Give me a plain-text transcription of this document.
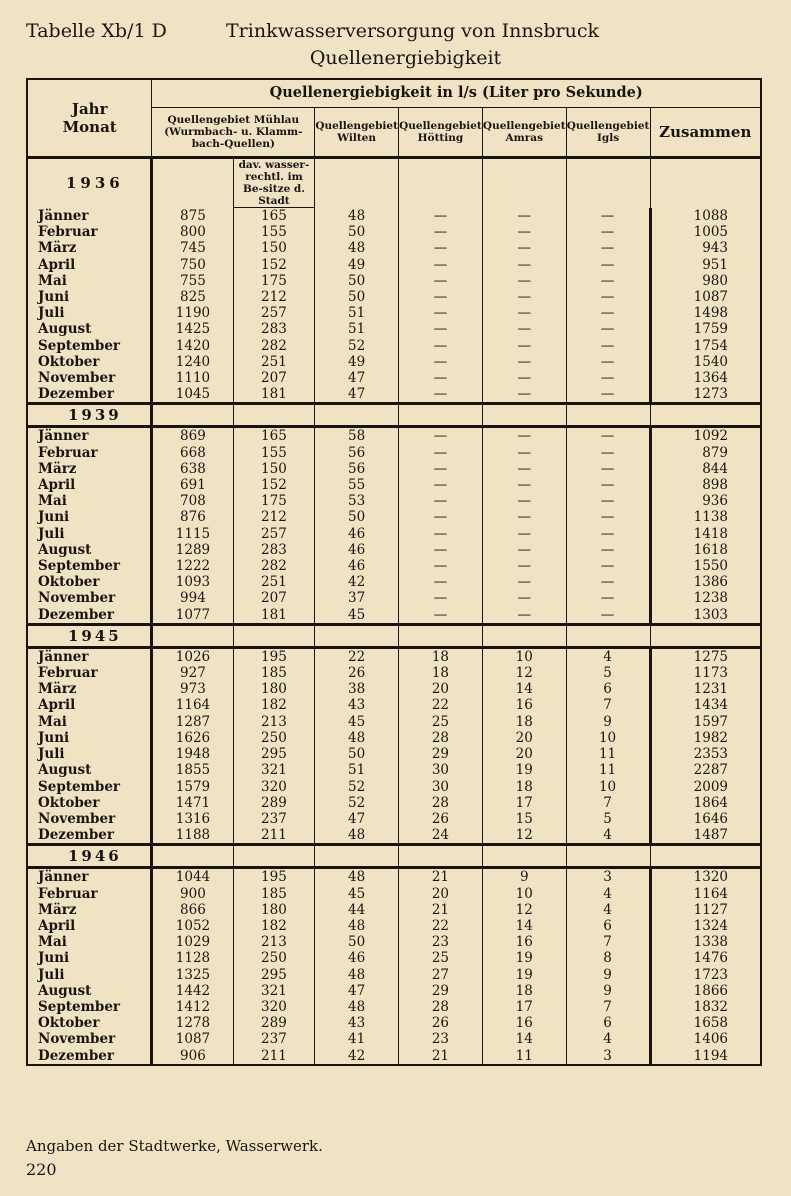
Tabelle Xb/1 D	Trinkwasserversorgung von Innsbruck
Quellenergiebigkeit
Jahr
Monat	Quellenergiebigkeit in l/s (Liter pro Sekunde)						
	Quellengebiet Mühlau (Wurmbach- u. Klamm-bach-Quellen)		Quellengebiet Wilten	Quellengebiet Hötting	Quellengebiet Amras	Quellengebiet Igls	Zusammen
1936		dav. wasser-rechtl. im Be-sitze d. Stadt					
Jänner	875	165	48	—	—	—	1088
Februar	800	155	50	—	—	—	1005
März	745	150	48	—	—	—	943
April	750	152	49	—	—	—	951
Mai	755	175	50	—	—	—	980
Juni	825	212	50	—	—	—	1087
Juli	1190	257	51	—	—	—	1498
August	1425	283	51	—	—	—	1759
September	1420	282	52	—	—	—	1754
Oktober	1240	251	49	—	—	—	1540
November	1110	207	47	—	—	—	1364
Dezember	1045	181	47	—	—	—	1273
1939							
Jänner	869	165	58	—	—	—	1092
Februar	668	155	56	—	—	—	879
März	638	150	56	—	—	—	844
April	691	152	55	—	—	—	898
Mai	708	175	53	—	—	—	936
Juni	876	212	50	—	—	—	1138
Juli	1115	257	46	—	—	—	1418
August	1289	283	46	—	—	—	1618
September	1222	282	46	—	—	—	1550
Oktober	1093	251	42	—	—	—	1386
November	994	207	37	—	—	—	1238
Dezember	1077	181	45	—	—	—	1303
1945							
Jänner	1026	195	22	18	10	4	1275
Februar	927	185	26	18	12	5	1173
März	973	180	38	20	14	6	1231
April	1164	182	43	22	16	7	1434
Mai	1287	213	45	25	18	9	1597
Juni	1626	250	48	28	20	10	1982
Juli	1948	295	50	29	20	11	2353
August	1855	321	51	30	19	11	2287
September	1579	320	52	30	18	10	2009
Oktober	1471	289	52	28	17	7	1864
November	1316	237	47	26	15	5	1646
Dezember	1188	211	48	24	12	4	1487
1946							
Jänner	1044	195	48	21	9	3	1320
Februar	900	185	45	20	10	4	1164
März	866	180	44	21	12	4	1127
April	1052	182	48	22	14	6	1324
Mai	1029	213	50	23	16	7	1338
Juni	1128	250	46	25	19	8	1476
Juli	1325	295	48	27	19	9	1723
August	1442	321	47	29	18	9	1866
September	1412	320	48	28	17	7	1832
Oktober	1278	289	43	26	16	6	1658
November	1087	237	41	23	14	4	1406
Dezember	906	211	42	21	11	3	1194
Angaben der Stadtwerke, Wasserwerk.
220
